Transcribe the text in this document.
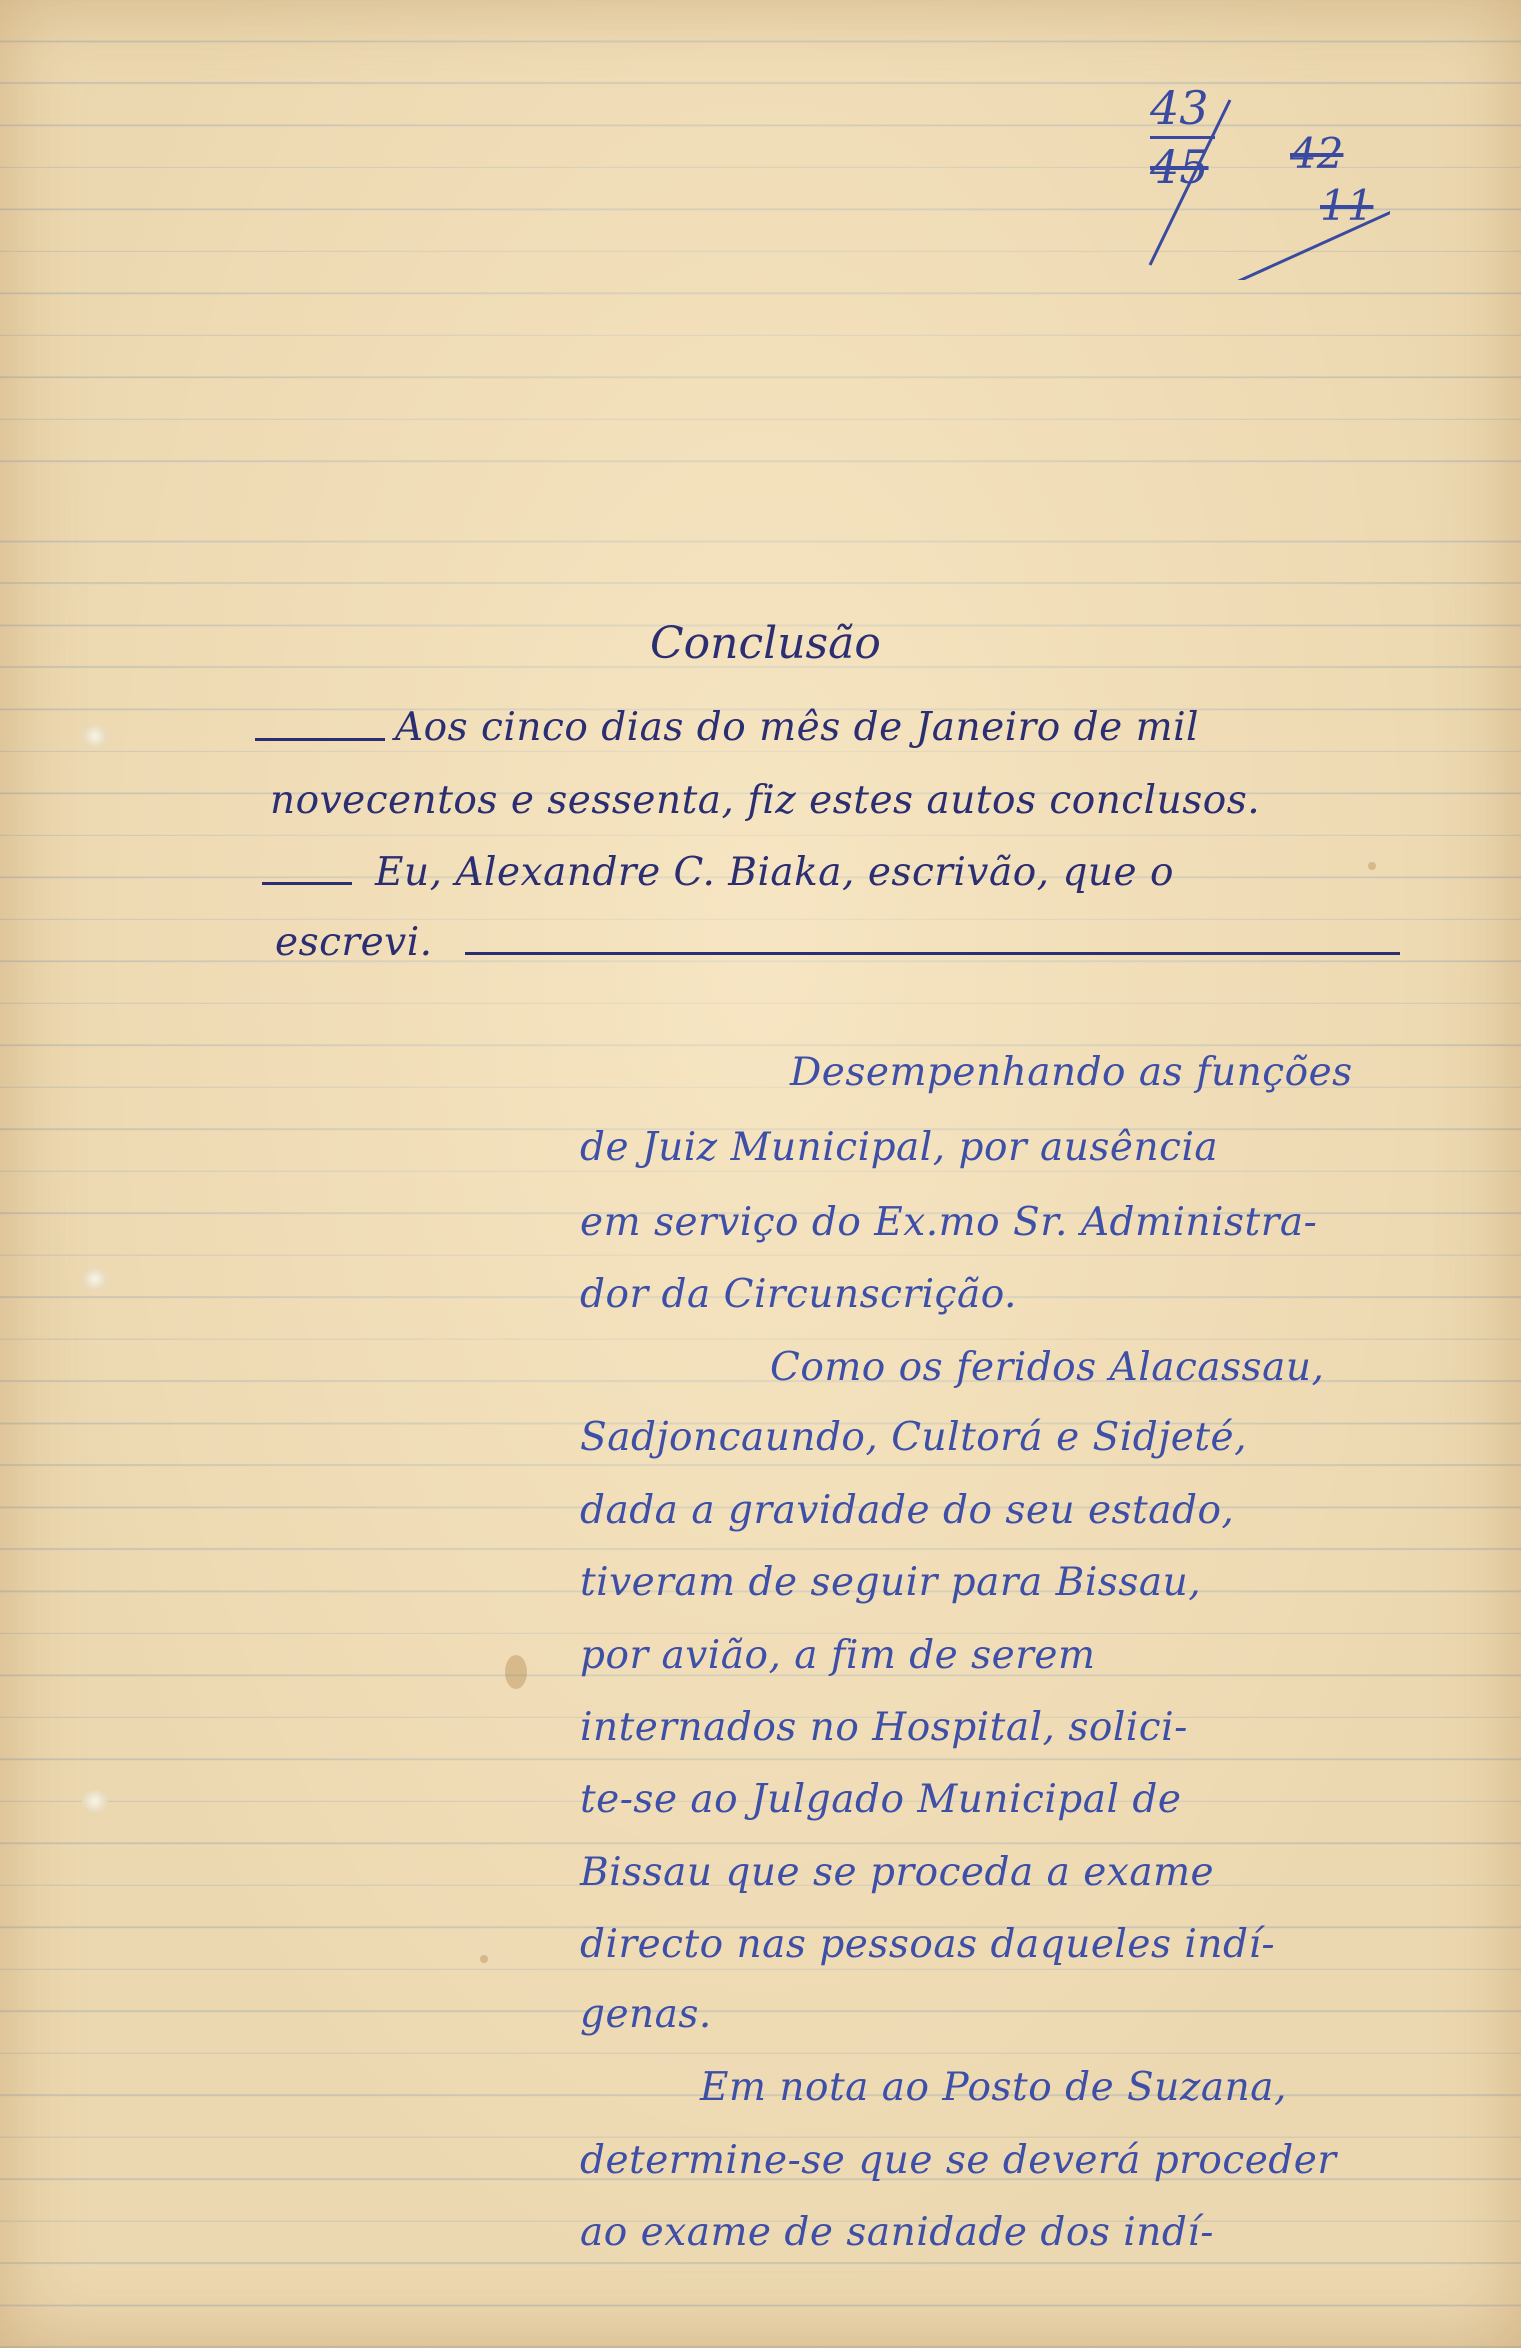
43
45 42
11
Conclusão
Aos cinco dias do mês de Janeiro de mil
novecentos e sessenta, fiz estes autos conclusos.
Eu, Alexandre C. Biaka, escrivão, que o
escrevi.
Desempenhando as funções
de Juiz Municipal, por ausência
em serviço do Ex.mo Sr. Administra-
dor da Circunscrição.
Como os feridos Alacassau,
Sadjoncaundo, Cultorá e Sidjeté,
dada a gravidade do seu estado,
tiveram de seguir para Bissau,
por avião, a fim de serem
internados no Hospital, solici-
te-se ao Julgado Municipal de
Bissau que se proceda a exame
directo nas pessoas daqueles indí-
genas.
Em nota ao Posto de Suzana,
determine-se que se deverá proceder
ao exame de sanidade dos indí-
